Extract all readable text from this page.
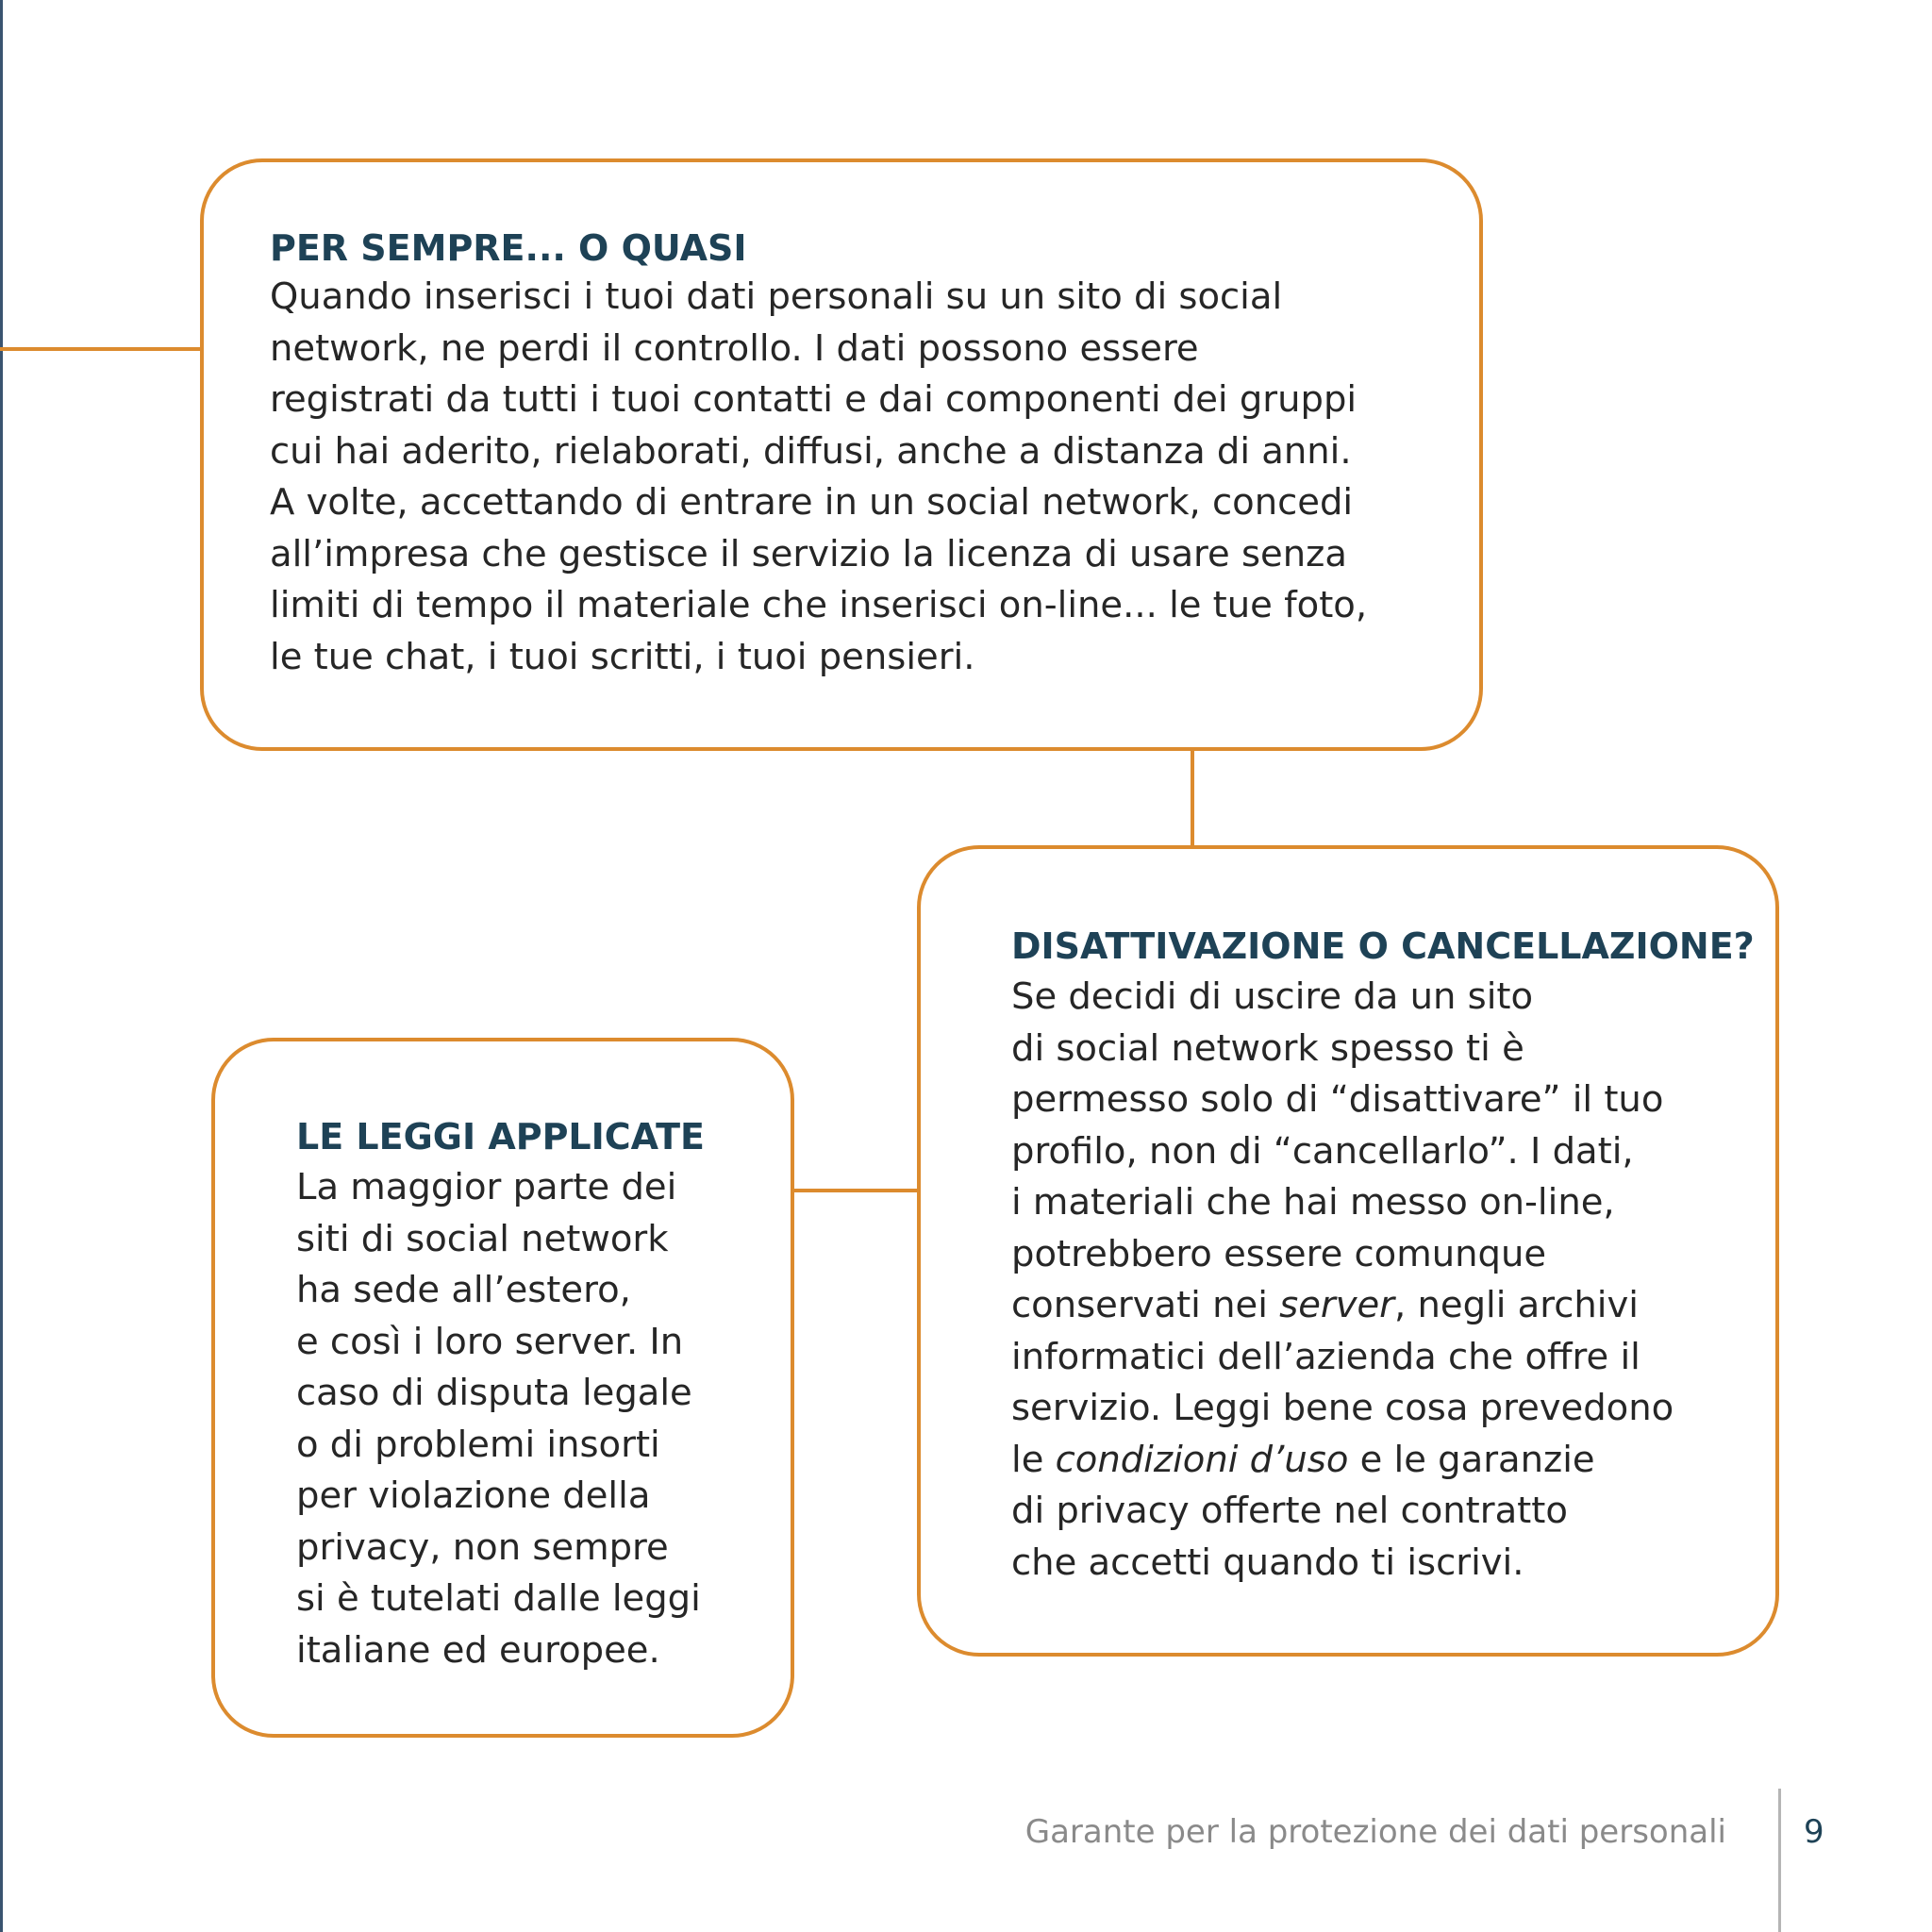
PER SEMPRE... O QUASI
Quando inserisci i tuoi dati personali su un sito di social
network, ne perdi il controllo. I dati possono essere
registrati da tutti i tuoi contatti e dai componenti dei gruppi
cui hai aderito, rielaborati, diffusi, anche a distanza di anni.
A volte, accettando di entrare in un social network, concedi
all’impresa che gestisce il servizio la licenza di usare senza
limiti di tempo il materiale che inserisci on-line... le tue foto,
le tue chat, i tuoi scritti, i tuoi pensieri.
DISATTIVAZIONE O CANCELLAZIONE?
Se decidi di uscire da un sito
di social network spesso ti è
permesso solo di “disattivare” il tuo
profilo, non di “cancellarlo”. I dati,
i materiali che hai messo on-line,
potrebbero essere comunque
conservati nei server, negli archivi
informatici dell’azienda che offre il
servizio. Leggi bene cosa prevedono
le condizioni d’uso e le garanzie
di privacy offerte nel contratto
che accetti quando ti iscrivi.
LE LEGGI APPLICATE
La maggior parte dei
siti di social network
ha sede all’estero,
e così i loro server. In
caso di disputa legale
o di problemi insorti
per violazione della
privacy, non sempre
si è tutelati dalle leggi
italiane ed europee.
Garante per la protezione dei dati personali 9
